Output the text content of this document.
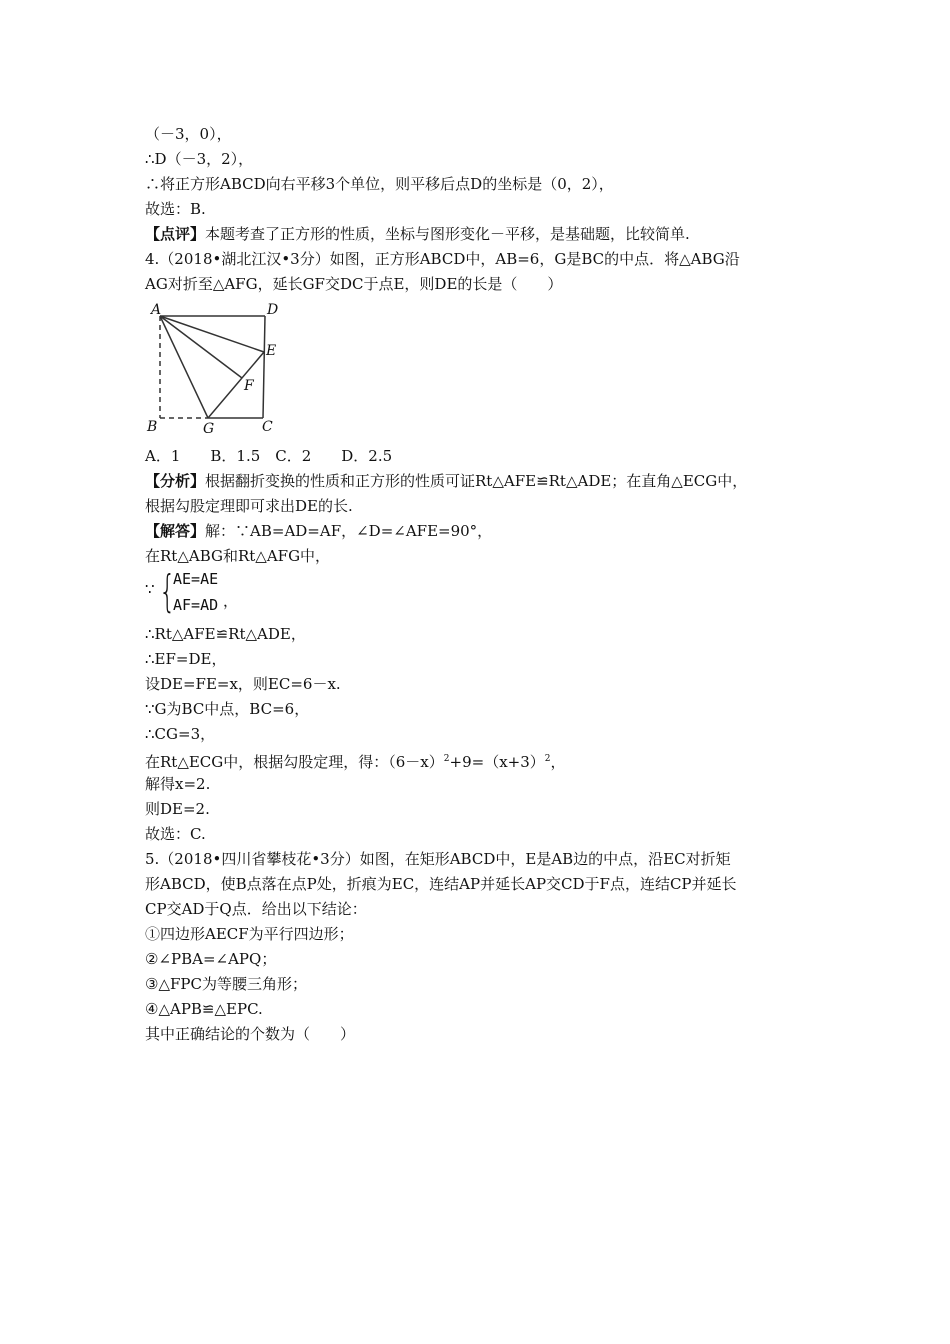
（－3，0），
∴D（－3，2），
∴将正方形ABCD向右平移3个单位，则平移后点D的坐标是（0，2），
故选：B.
【点评】本题考查了正方形的性质，坐标与图形变化－平移，是基础题，比较简单.
4.（2018•湖北江汉•3分）如图，正方形ABCD中，AB=6，G是BC的中点．将△ABG沿
AG对折至△AFG，延长GF交DC于点E，则DE的长是（　　）
A	D
E
F
B	G	C
A．1　　B．1.5　C．2　　D．2.5
【分析】根据翻折变换的性质和正方形的性质可证Rt△AFE≌Rt△ADE；在直角△ECG中，
根据勾股定理即可求出DE的长.
【解答】解：∵AB=AD=AF，∠D=∠AFE=90°，
在Rt△ABG和Rt△AFG中，
∵ {
AE=AE
AF=AD ，
∴Rt△AFE≌Rt△ADE，
∴EF=DE，
设DE=FE=x，则EC=6－x.
∵G为BC中点，BC=6，
∴CG=3，
在Rt△ECG中，根据勾股定理，得：$(6-x)^2+9=(x+3)^2$，
解得x=2.
则DE=2.
故选：C.
5.（2018•四川省攀枝花•3分）如图，在矩形ABCD中，E是AB边的中点，沿EC对折矩
形ABCD，使B点落在点P处，折痕为EC，连结AP并延长AP交CD于F点，连结CP并延长
CP交AD于Q点．给出以下结论：
①四边形AECF为平行四边形；
②∠PBA=∠APQ；
③△FPC为等腰三角形；
④△APB≌△EPC.
其中正确结论的个数为（　　）
